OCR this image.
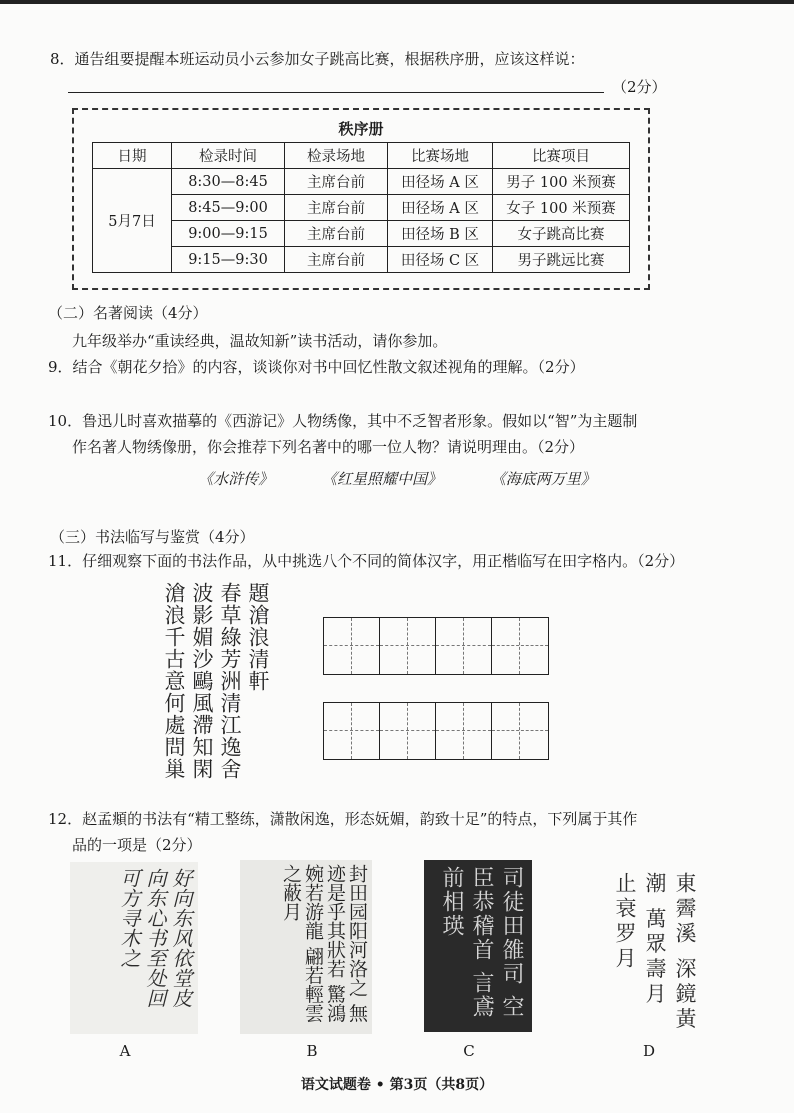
8．通告组要提醒本班运动员小云参加女子跳高比赛，根据秩序册，应该这样说：
（2分）
秩序册
日期	检录时间	检录场地	比赛场地	比赛项目
5月7日	8:30—8:45	主席台前	田径场 A 区	男子 100 米预赛
	8:45—9:00	主席台前	田径场 A 区	女子 100 米预赛
	9:00—9:15	主席台前	田径场 B 区	女子跳高比赛
	9:15—9:30	主席台前	田径场 C 区	男子跳远比赛
（二）名著阅读（4分）
九年级举办“重读经典，温故知新”读书活动，请你参加。
9．结合《朝花夕拾》的内容，谈谈你对书中回忆性散文叙述视角的理解。（2分）
10．鲁迅儿时喜欢描摹的《西游记》人物绣像，其中不乏智者形象。假如以“智”为主题制
作名著人物绣像册，你会推荐下列名著中的哪一位人物？请说明理由。（2分）
《水浒传》	《红星照耀中国》	《海底两万里》
（三）书法临写与鉴赏（4分）
11．仔细观察下面的书法作品，从中挑选八个不同的简体汉字，用正楷临写在田字格内。（2分）
題滄浪清軒
春草綠芳洲清江逸舍
波影媚沙鷗風滯知閑
滄浪千古意何處問巢
12．赵孟頫的书法有“精工整练，潇散闲逸，形态妩媚，韵致十足”的特点，下列属于其作
品的一项是（2分）
好向东风依堂皮 向东心书至处回 可方寻木之	封田园阳河洛之 無迹是乎其狀若 驚鴻婉若游龍 翩若輕雲之蔽月	司徒田雒司 空臣恭稽首 言鳶前相瑛	東霽溪 深鏡黃潮 萬眾壽月 止衰罗月
A	B	C	D
语文试题卷 • 第3页（共8页）
